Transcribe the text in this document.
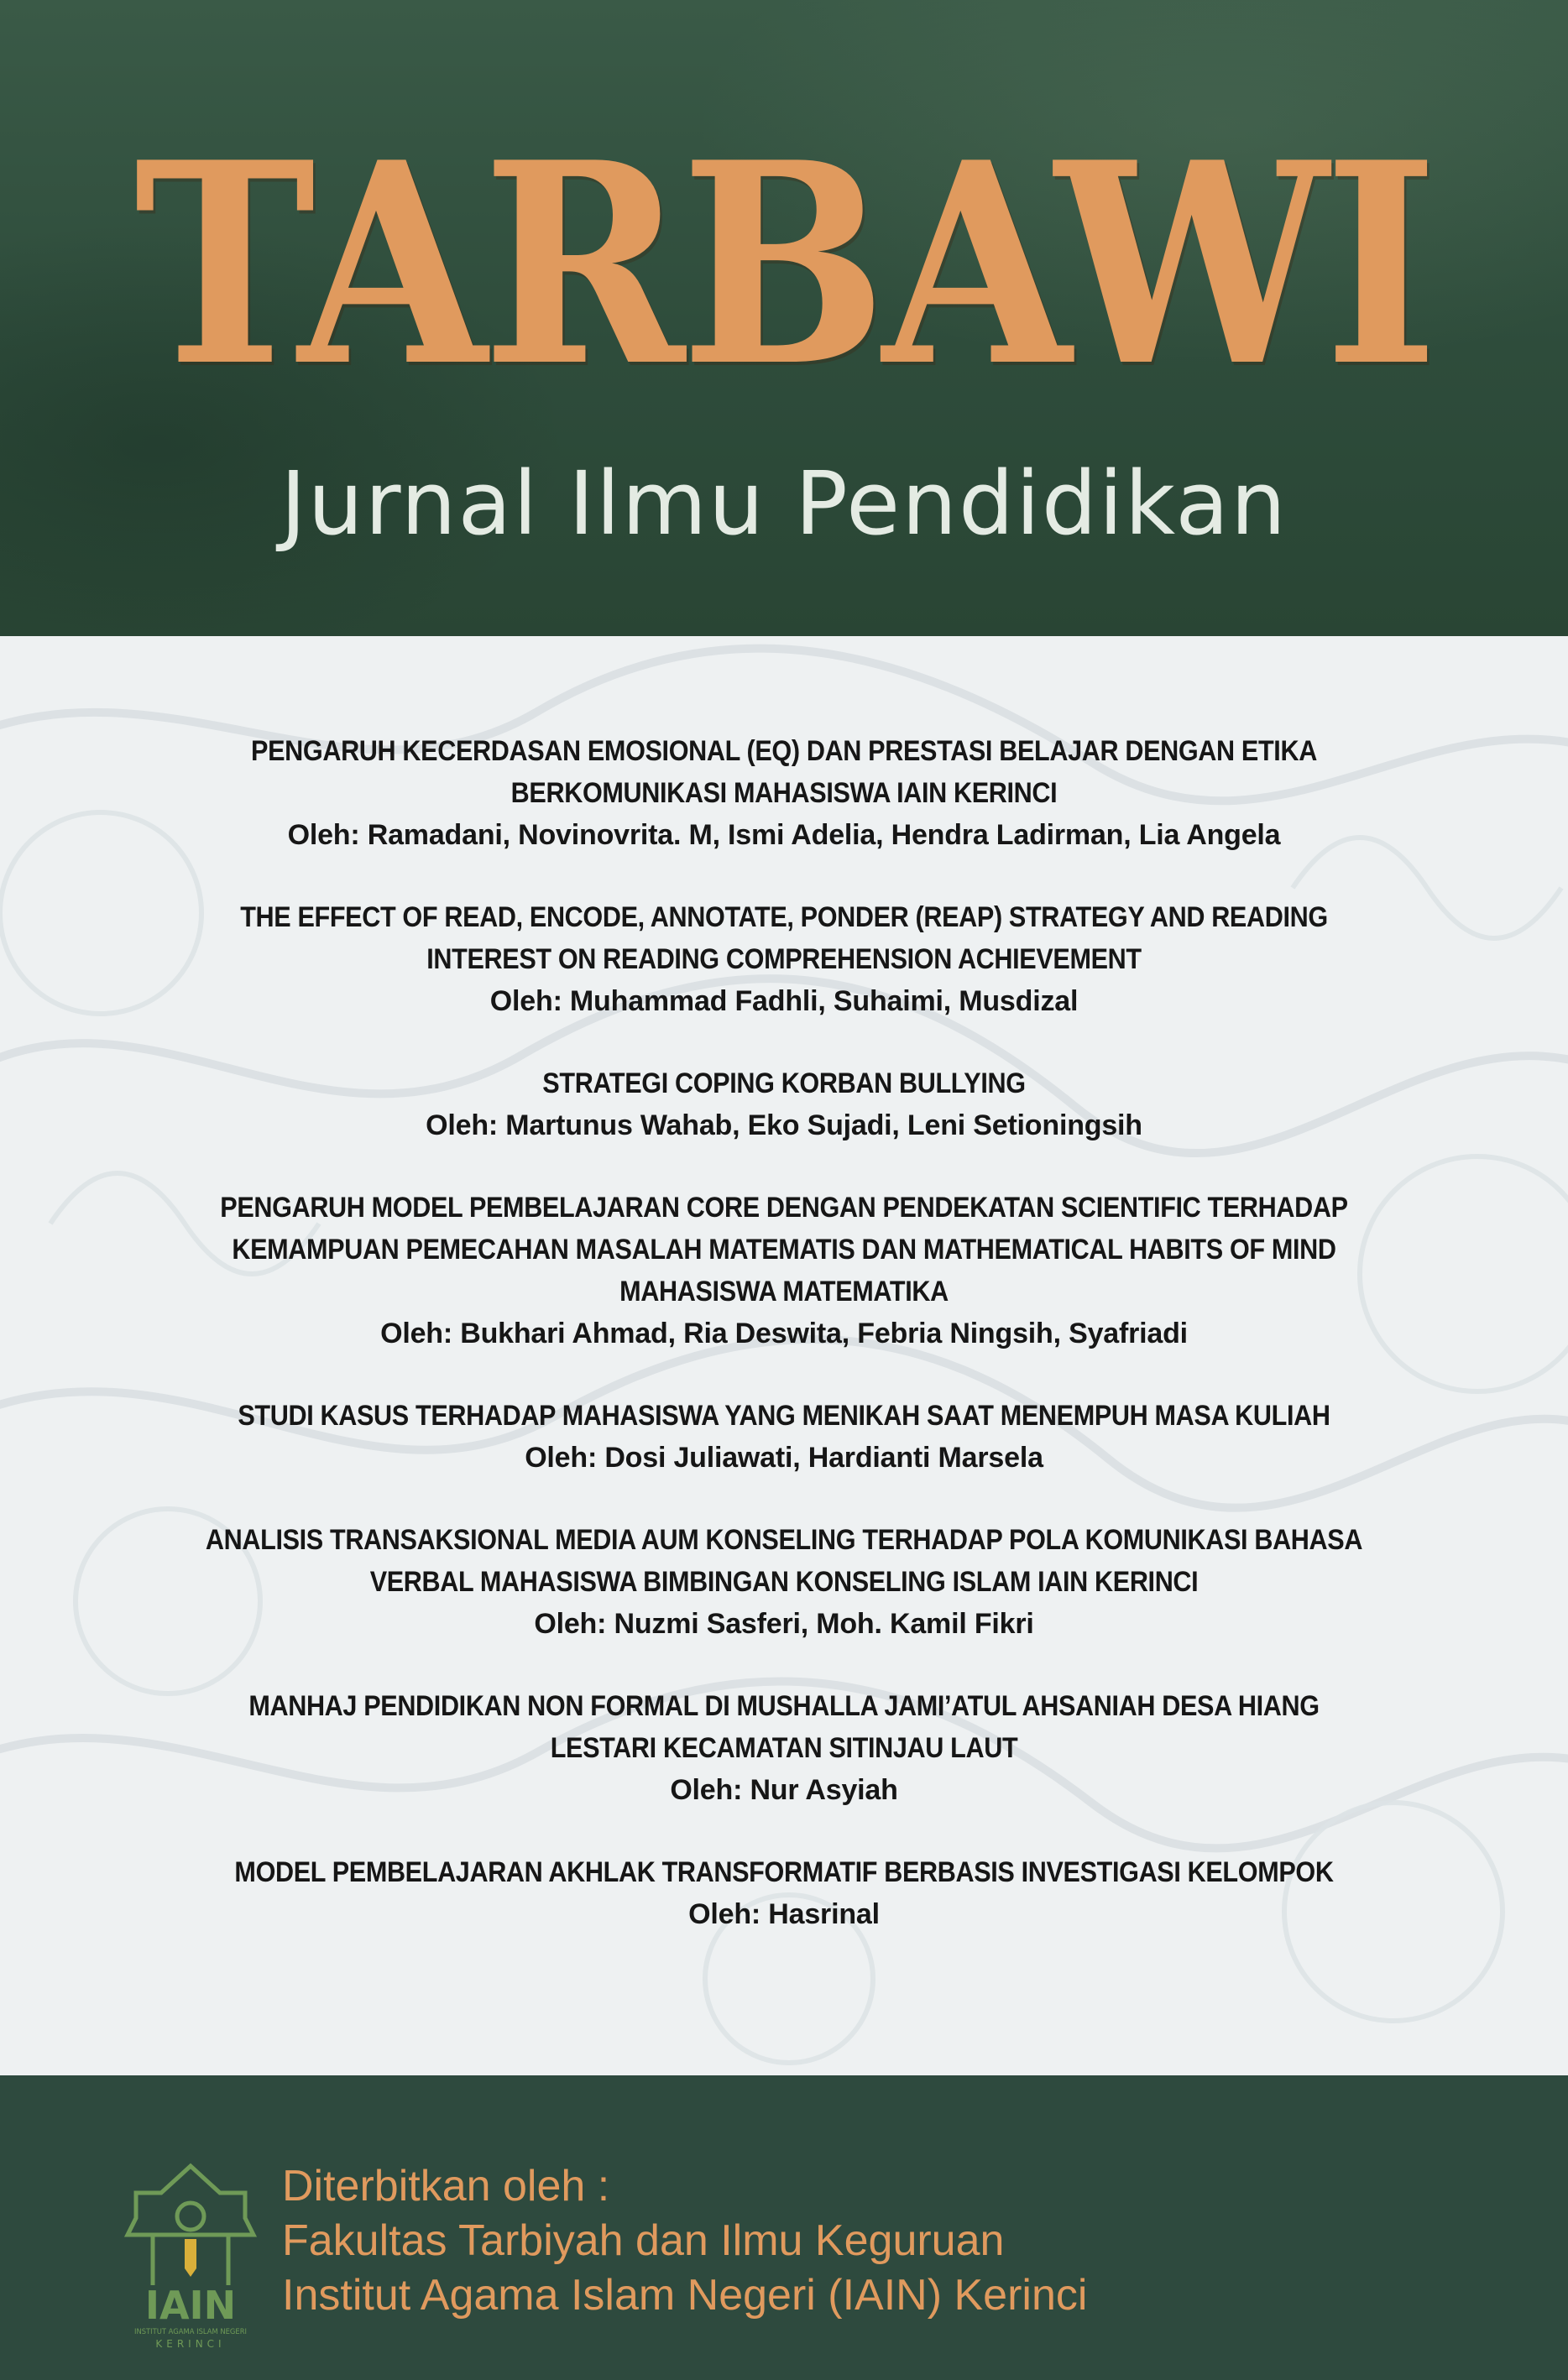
TARBAWI
Jurnal Ilmu Pendidikan
PENGARUH KECERDASAN EMOSIONAL (EQ) DAN PRESTASI BELAJAR DENGAN ETIKA
BERKOMUNIKASI MAHASISWA IAIN KERINCI
Oleh: Ramadani, Novinovrita. M, Ismi Adelia, Hendra Ladirman, Lia Angela
THE EFFECT OF READ, ENCODE, ANNOTATE, PONDER (REAP) STRATEGY AND READING
INTEREST ON READING COMPREHENSION ACHIEVEMENT
Oleh: Muhammad Fadhli, Suhaimi, Musdizal
STRATEGI COPING KORBAN BULLYING
Oleh: Martunus Wahab, Eko Sujadi, Leni Setioningsih
PENGARUH MODEL PEMBELAJARAN CORE DENGAN PENDEKATAN SCIENTIFIC TERHADAP
KEMAMPUAN PEMECAHAN MASALAH MATEMATIS DAN MATHEMATICAL HABITS OF MIND
MAHASISWA MATEMATIKA
Oleh: Bukhari Ahmad, Ria Deswita, Febria Ningsih, Syafriadi
STUDI KASUS TERHADAP MAHASISWA YANG MENIKAH SAAT MENEMPUH MASA KULIAH
Oleh: Dosi Juliawati, Hardianti Marsela
ANALISIS TRANSAKSIONAL MEDIA AUM KONSELING TERHADAP POLA KOMUNIKASI BAHASA
VERBAL MAHASISWA BIMBINGAN KONSELING ISLAM IAIN KERINCI
Oleh: Nuzmi Sasferi, Moh. Kamil Fikri
MANHAJ PENDIDIKAN NON FORMAL DI MUSHALLA JAMI’ATUL AHSANIAH DESA HIANG
LESTARI KECAMATAN SITINJAU LAUT
Oleh: Nur Asyiah
MODEL PEMBELAJARAN AKHLAK TRANSFORMATIF BERBASIS INVESTIGASI KELOMPOK
Oleh: Hasrinal
IAIN
INSTITUT AGAMA ISLAM NEGERI
KERINCI
Diterbitkan oleh :
Fakultas Tarbiyah dan Ilmu Keguruan
Institut Agama Islam Negeri (IAIN) Kerinci
